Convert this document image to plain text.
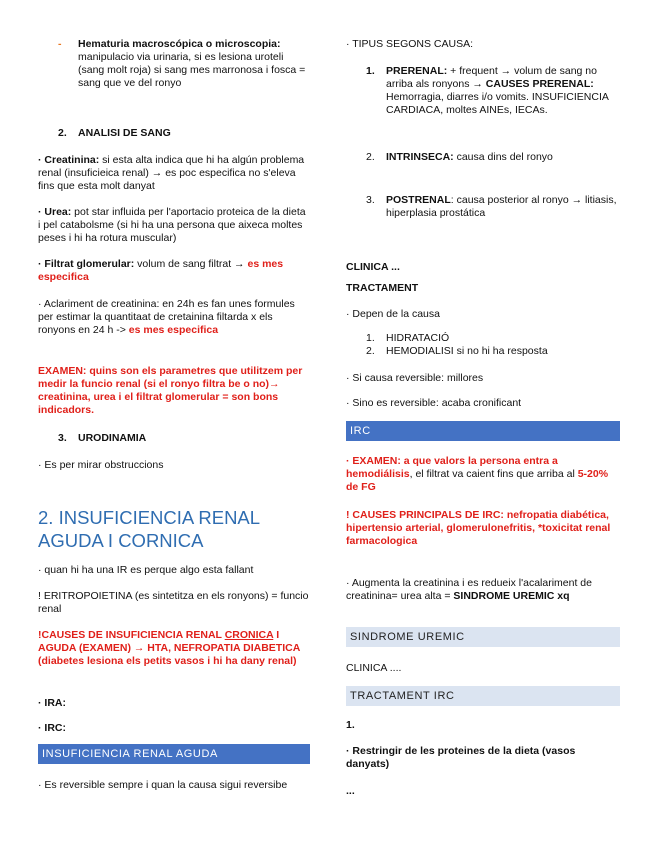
- Hematuria macroscópica o microscopia: manipulacio via urinaria, si es lesiona uroteli (sang molt roja) si sang mes marronosa i fosca = sang que ve del ronyo
2. ANALISI DE SANG
· Creatinina: si esta alta indica que hi ha algún problema renal (insuficieica renal) → es poc especifica no s'eleva fins que esta molt danyat
· Urea: pot star influida per l'aportacio proteica de la dieta i pel catabolsme (si hi ha una persona que aixeca moltes peses i hi ha rotura muscular)
· Filtrat glomerular: volum de sang filtrat → es mes especifica
· Aclariment de creatinina: en 24h es fan unes formules per estimar la quantitaat de cretainina filtarda x els ronyons en 24 h -> es mes especifica
EXAMEN: quins son els parametres que utilitzem per medir la funcio renal (si el ronyo filtra be o no)→ creatinina, urea i el filtrat glomerular = son bons indicadors.
3. URODINAMIA
· Es per mirar obstruccions
2. INSUFICIENCIA RENAL AGUDA I CORNICA
· quan hi ha una IR es perque algo esta fallant
! ERITROPOIETINA (es sintetitza en els ronyons) = funcio renal
!CAUSES DE INSUFICIENCIA RENAL CRONICA I AGUDA (EXAMEN) → HTA, NEFROPATIA DIABETICA (diabetes lesiona els petits vasos i hi ha dany renal)
· IRA:
· IRC:
INSUFICIENCIA RENAL AGUDA
· Es reversible sempre i quan la causa sigui reversibe
· TIPUS SEGONS CAUSA:
1. PRERENAL: + frequent → volum de sang no arriba als ronyons → CAUSES PRERENAL: Hemorragia, diarres i/o vomits. INSUFICIENCIA CARDIACA, moltes AINEs, IECAs.
2. INTRINSECA: causa dins del ronyo
3. POSTRENAL: causa posterior al ronyo → litiasis, hiperplasia prostática
CLINICA ...
TRACTAMENT
· Depen de la causa
1. HIDRATACIÓ
2. HEMODIALISI si no hi ha resposta
· Si causa reversible: millores
· Sino es reversible: acaba cronificant
IRC
· EXAMEN: a que valors la persona entra a hemodiálisis, el filtrat va caient fins que arriba al 5-20% de FG
! CAUSES PRINCIPALS DE IRC: nefropatia diabética, hipertensio arterial, glomerulonefritis, *toxicitat renal farmacologica
· Augmenta la creatinina i es redueix l'acalariment de creatinina= urea alta = SINDROME UREMIC xq
SINDROME UREMIC
CLINICA ....
TRACTAMENT IRC
1.
· Restringir de les proteines de la dieta (vasos danyats)
...
